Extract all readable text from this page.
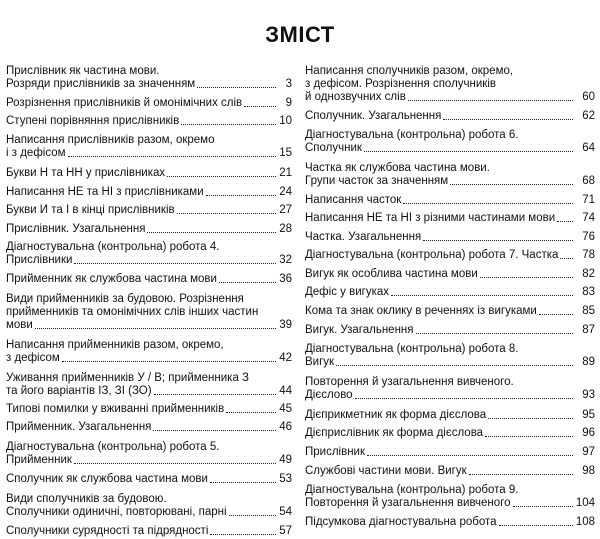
ЗМІСТ
Прислівник як частина мови.
Розряди прислівників за значенням	3
Розрізнення прислівників й омонімічних слів	9
Ступені порівняння прислівників	10
Написання прислівників разом, окремо
і з дефісом	15
Букви Н та НН у прислівниках	21
Написання НЕ та НІ з прислівниками	24
Букви И та І в кінці прислівників	27
Прислівник. Узагальнення	28
Діагностувальна (контрольна) робота 4.
Прислівники	32
Прийменник як службова частина мови	36
Види прийменників за будовою. Розрізнення
прийменників та омонімічних слів інших частин
мови	39
Написання прийменників разом, окремо,
з дефісом	42
Уживання прийменників У / В; прийменника З
та його варіантів ІЗ, ЗІ (ЗО)	44
Типові помилки у вживанні прийменників	45
Прийменник. Узагальнення	46
Діагностувальна (контрольна) робота 5.
Прийменник	49
Сполучник як службова частина мови	53
Види сполучників за будовою.
Сполучники одиничні, повторювані, парні	54
Сполучники сурядності та підрядності	57
Написання сполучників разом, окремо,
з дефісом. Розрізнення сполучників
й однозвучних слів	60
Сполучник. Узагальнення	62
Діагностувальна (контрольна) робота 6.
Сполучник	64
Частка як службова частина мови.
Групи часток за значенням	68
Написання часток	71
Написання НЕ та НІ з різними частинами мови	74
Частка. Узагальнення	76
Діагностувальна (контрольна) робота 7. Частка	78
Вигук як особлива частина мови	82
Дефіс у вигуках	83
Кома та знак оклику в реченнях із вигуками	85
Вигук. Узагальнення	87
Діагностувальна (контрольна) робота 8.
Вигук	89
Повторення й узагальнення вивченого.
Дієслово	93
Дієприкметник як форма дієслова	95
Дієприслівник як форма дієслова	96
Прислівник	97
Службові частини мови. Вигук	98
Діагностувальна (контрольна) робота 9.
Повторення й узагальнення вивченого	104
Підсумкова діагностувальна робота	108
